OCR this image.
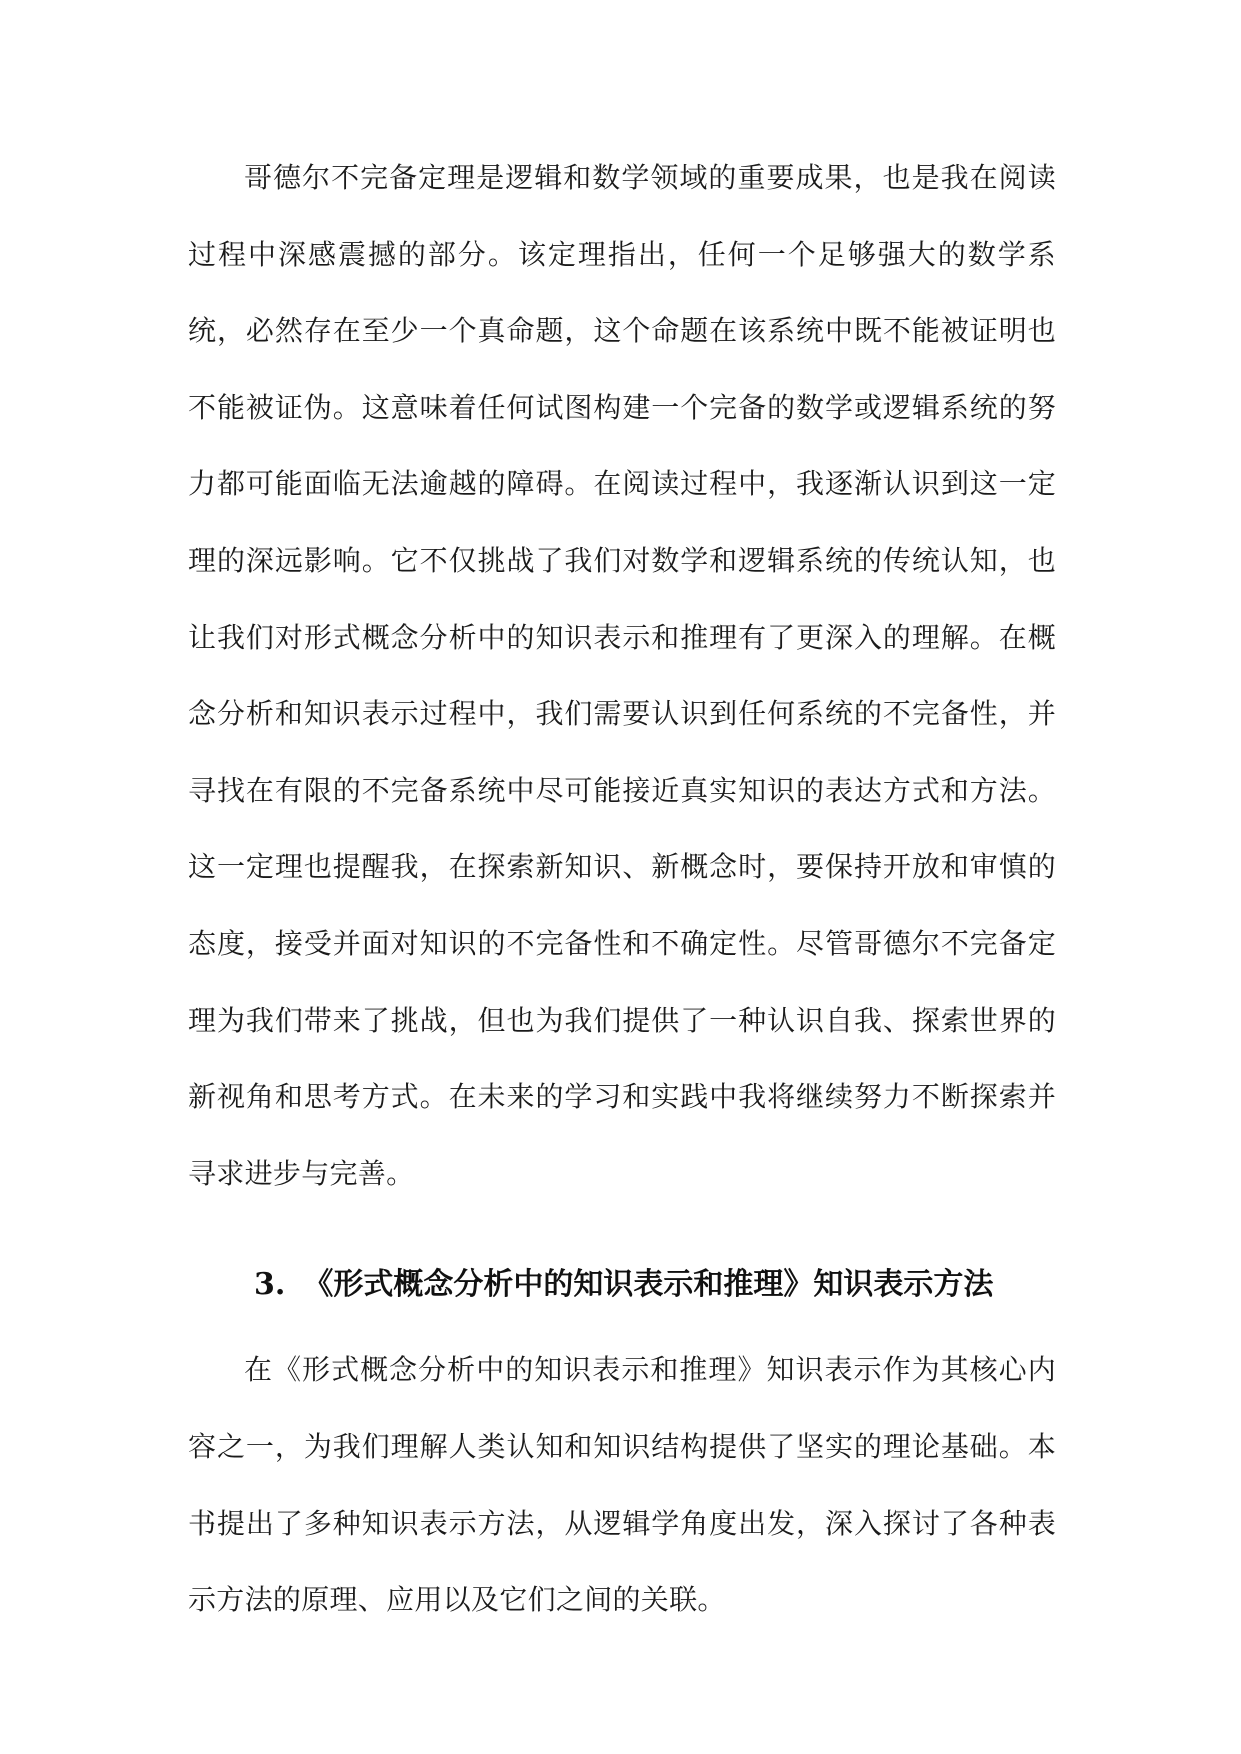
哥德尔不完备定理是逻辑和数学领域的重要成果，也是我在阅读过程中深感震撼的部分。该定理指出，任何一个足够强大的数学系统，必然存在至少一个真命题，这个命题在该系统中既不能被证明也不能被证伪。这意味着任何试图构建一个完备的数学或逻辑系统的努力都可能面临无法逾越的障碍。在阅读过程中，我逐渐认识到这一定理的深远影响。它不仅挑战了我们对数学和逻辑系统的传统认知，也让我们对形式概念分析中的知识表示和推理有了更深入的理解。在概念分析和知识表示过程中，我们需要认识到任何系统的不完备性，并寻找在有限的不完备系统中尽可能接近真实知识的表达方式和方法。这一定理也提醒我，在探索新知识、新概念时，要保持开放和审慎的态度，接受并面对知识的不完备性和不确定性。尽管哥德尔不完备定理为我们带来了挑战，但也为我们提供了一种认识自我、探索世界的新视角和思考方式。在未来的学习和实践中我将继续努力不断探索并寻求进步与完善。

3. 《形式概念分析中的知识表示和推理》知识表示方法

在《形式概念分析中的知识表示和推理》知识表示作为其核心内容之一，为我们理解人类认知和知识结构提供了坚实的理论基础。本书提出了多种知识表示方法，从逻辑学角度出发，深入探讨了各种表示方法的原理、应用以及它们之间的关联。
